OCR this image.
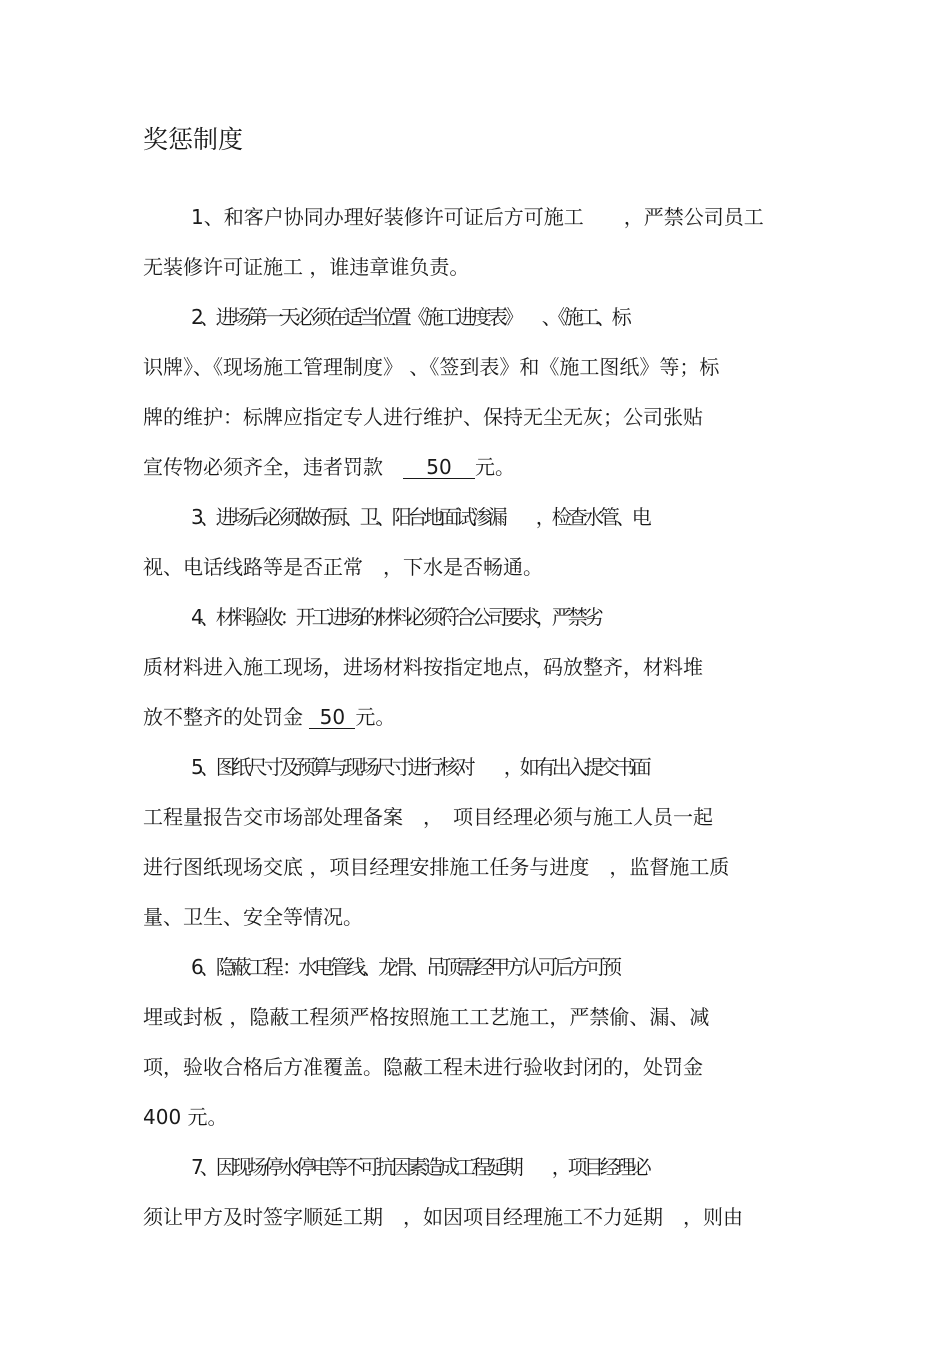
奖惩制度
1、和客户协同办理好装修许可证后方可施工　　，严禁公司员工
无装修许可证施工 ，谁违章谁负责。
2、进场第一天必须在适当位置《施工进度表》　　、《施工、标
识牌》、《现场施工管理制度》 、《签到表》和《施工图纸》等；标
牌的维护：标牌应指定专人进行维护、保持无尘无灰；公司张贴
宣传物必须齐全，违者罚款　 50 元。
3、进场后必须做好厨、卫、阳台地面试渗漏　　，检查水管、电
视、电话线路等是否正常　，下水是否畅通。
4、材料验收：开工进场的材料必须符合公司要求，严禁劣
质材料进入施工现场，进场材料按指定地点，码放整齐，材料堆
放不整齐的处罚金 50 元。
5、图纸尺寸及预算与现场尺寸进行核对　　，如有出入提交书面
工程量报告交市场部处理备案　，　项目经理必须与施工人员一起
进行图纸现场交底 ，项目经理安排施工任务与进度　，监督施工质
量、卫生、安全等情况。
6、隐蔽工程 ：水电管线、龙骨、吊顶需经甲方认可后方可预
埋或封板 ，隐蔽工程须严格按照施工工艺施工，严禁偷、漏、减
项，验收合格后方准覆盖。隐蔽工程未进行验收封闭的，处罚金
400 元。
7、因现场停水停电等不可抗因素造成工程延期　　，项目经理必
须让甲方及时签字顺延工期　，如因项目经理施工不力延期　，则由
